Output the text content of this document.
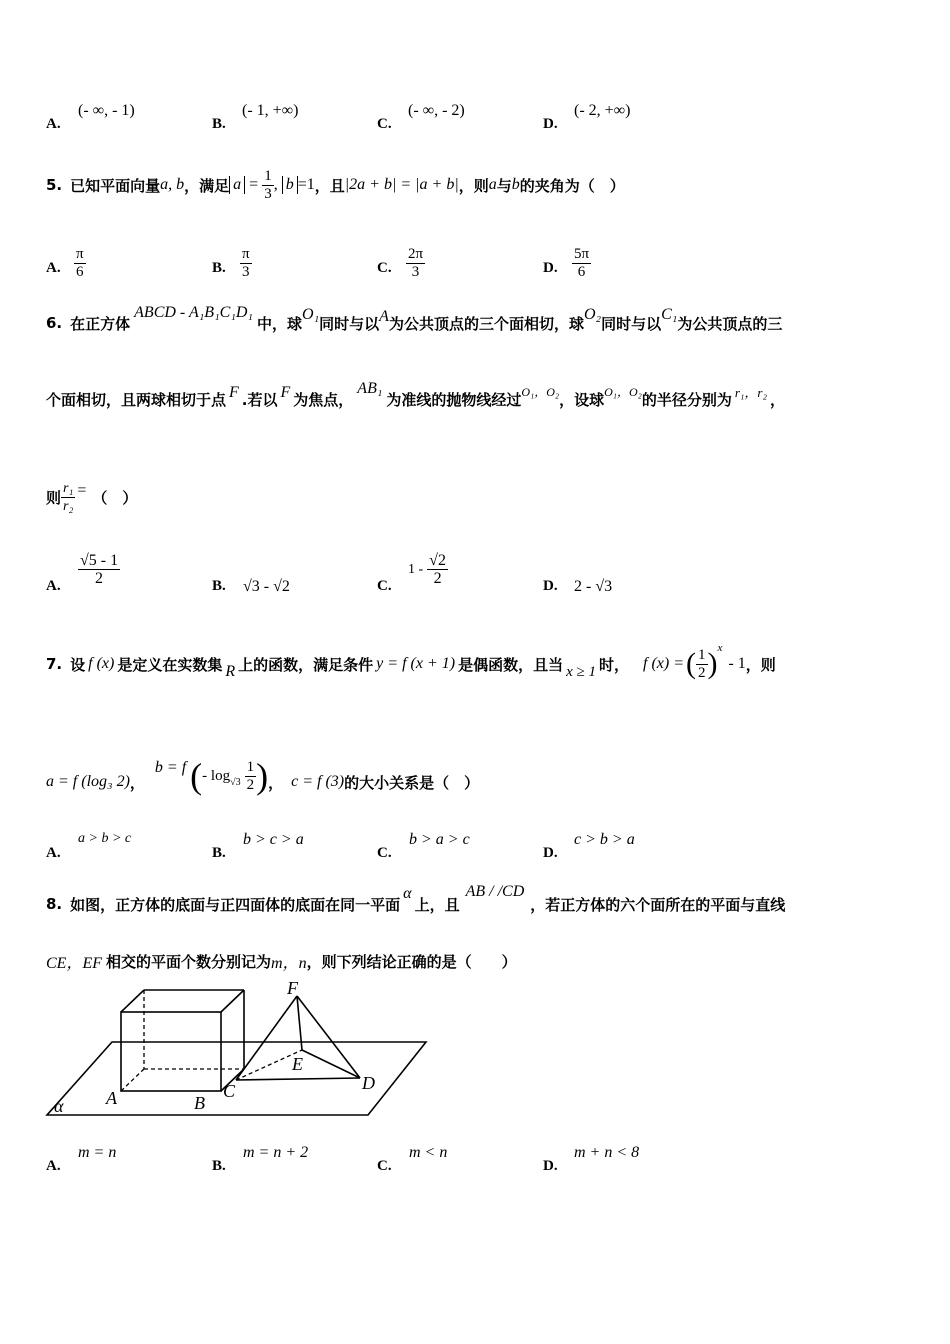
A.
(- ∞, - 1)
B.
(- 1, +∞)
C.
(- ∞, - 2)
D.
(- 2, +∞)
5. 已知平面向量 a, b ，满足 $a = \frac{1}{3}$ , b =1 ，且 |2a + b| = |a + b| ，则 a 与 b 的夹角为（　）
A. $\frac{\pi}{6}$	B. $\frac{\pi}{3}$	C. $\frac{2\pi}{3}$	D. $\frac{5\pi}{6}$
6. 在正方体
ABCD - A₁B₁C₁D₁
中，球 O₁ 同时与以 A 为公共顶点的三个面相切，球 O₂ 同时与以 C₁ 为公共顶点的三
个面相切，且两球相切于点 F .若以 F 为焦点，
AB₁
为准线的抛物线经过 O₁，O₂ ，设球 O₁，O₂ 的半径分别为 r₁，r₂ ，
则 $\frac{\text{r₁}}{\text{r₂}}$ = （　）
A. $\frac{√5 - 1}{2}$	B. √3 - √2	C.
$1 - \frac{√2}{2}$	D. 2 - √3
7. 设 f (x) 是定义在实数集 R 上的函数，满足条件 y = f (x + 1) 是偶函数，且当 x ≥ 1 时， f (x) = ( $\frac{1}{2}$ ) x
- 1 ，则
a = f (log₃ 2) ，
b = f ( - $\log √3 \frac{1}{2}$ ) ， c = f (3) 的大小关系是（　）
A.
a > b > c
B.
b > c > a
C.
b > a > c
D.
c > b > a
8. 如图，正方体的底面与正四面体的底面在同一平面
α
上，且
AB / /CD
，若正方体的六个面所在的平面与直线
CE，EF 相交的平面个数分别记为 m，n ，则下列结论正确的是（　　）
F
E
A	B
C	D
α
A.
m = n
B.
m = n + 2
C.
m < n
D.
m + n < 8
